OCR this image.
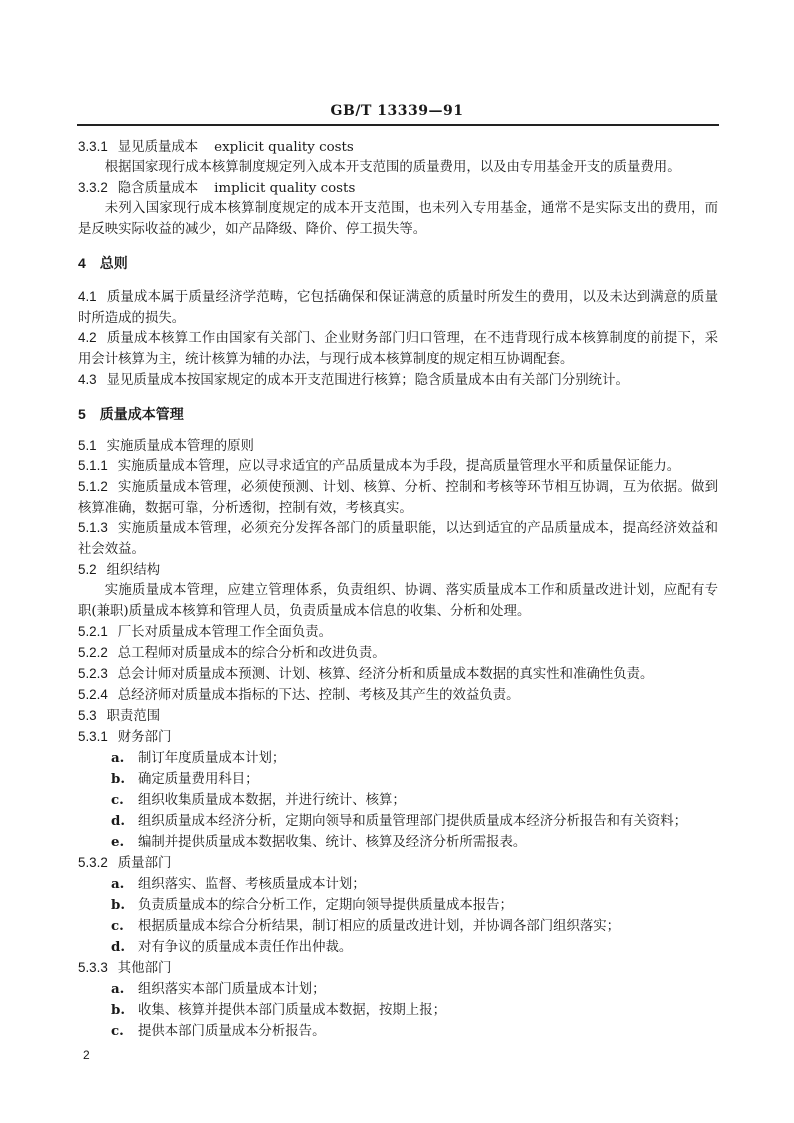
GB/T 13339—91
3.3.1 显见质量成本 explicit quality costs
根据国家现行成本核算制度规定列入成本开支范围的质量费用，以及由专用基金开支的质量费用。
3.3.2 隐含质量成本 implicit quality costs
未列入国家现行成本核算制度规定的成本开支范围，也未列入专用基金，通常不是实际支出的费用，而是反映实际收益的减少，如产品降级、降价、停工损失等。
4 总则
4.1 质量成本属于质量经济学范畴，它包括确保和保证满意的质量时所发生的费用，以及未达到满意的质量时所造成的损失。
4.2 质量成本核算工作由国家有关部门、企业财务部门归口管理，在不违背现行成本核算制度的前提下，采用会计核算为主，统计核算为辅的办法，与现行成本核算制度的规定相互协调配套。
4.3 显见质量成本按国家规定的成本开支范围进行核算；隐含质量成本由有关部门分别统计。
5 质量成本管理
5.1 实施质量成本管理的原则
5.1.1 实施质量成本管理，应以寻求适宜的产品质量成本为手段，提高质量管理水平和质量保证能力。
5.1.2 实施质量成本管理，必须使预测、计划、核算、分析、控制和考核等环节相互协调，互为依据。做到核算准确，数据可靠，分析透彻，控制有效，考核真实。
5.1.3 实施质量成本管理，必须充分发挥各部门的质量职能，以达到适宜的产品质量成本，提高经济效益和社会效益。
5.2 组织结构
实施质量成本管理，应建立管理体系，负责组织、协调、落实质量成本工作和质量改进计划，应配有专职(兼职)质量成本核算和管理人员，负责质量成本信息的收集、分析和处理。
5.2.1 厂长对质量成本管理工作全面负责。
5.2.2 总工程师对质量成本的综合分析和改进负责。
5.2.3 总会计师对质量成本预测、计划、核算、经济分析和质量成本数据的真实性和准确性负责。
5.2.4 总经济师对质量成本指标的下达、控制、考核及其产生的效益负责。
5.3 职责范围
5.3.1 财务部门
a. 制订年度质量成本计划；
b. 确定质量费用科目；
c. 组织收集质量成本数据，并进行统计、核算；
d. 组织质量成本经济分析，定期向领导和质量管理部门提供质量成本经济分析报告和有关资料；
e. 编制并提供质量成本数据收集、统计、核算及经济分析所需报表。
5.3.2 质量部门
a. 组织落实、监督、考核质量成本计划；
b. 负责质量成本的综合分析工作，定期向领导提供质量成本报告；
c. 根据质量成本综合分析结果，制订相应的质量改进计划，并协调各部门组织落实；
d. 对有争议的质量成本责任作出仲裁。
5.3.3 其他部门
a. 组织落实本部门质量成本计划；
b. 收集、核算并提供本部门质量成本数据，按期上报；
c. 提供本部门质量成本分析报告。
2
